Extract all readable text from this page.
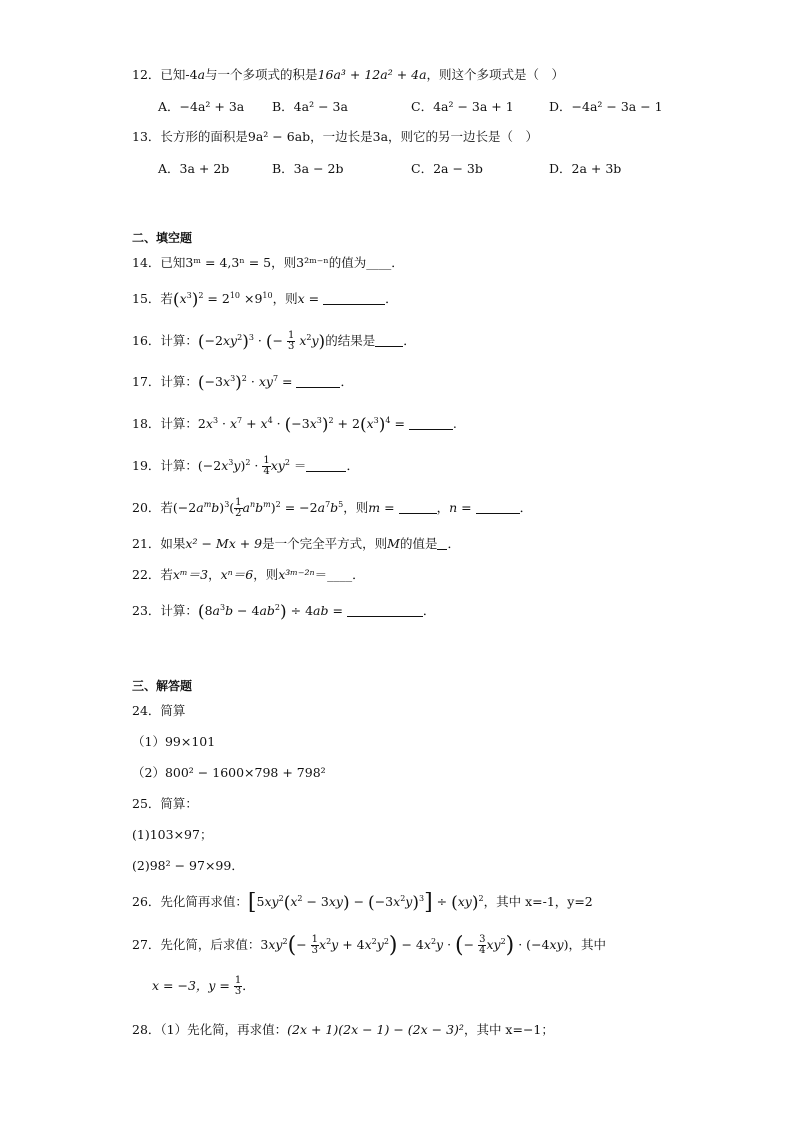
12．已知-4a与一个多项式的积是16a³ + 12a² + 4a，则这个多项式是（　）
A．−4a² + 3a B．4a² − 3a	C．4a² − 3a + 1	D．−4a² − 3a − 1
13．长方形的面积是9a² − 6ab，一边长是3a，则它的另一边长是（　）
A．3a + 2b	B．3a − 2b	C．2a − 3b	D．2a + 3b
二、填空题
14．已知3ᵐ = 4,3ⁿ = 5，则3²ᵐ⁻ⁿ的值为____．
15．若$(x^3)^2 = 2^{10} \times 9^{10}$，则x =	．
16．计算：$(-2xy^2)^3$ · (− $\frac{1}{3} x^2y$)的结果是 ．
17．计算：$(-3x^3)^2 \cdot xy^7$ =	．
18．计算：$2x^3 \cdot x^7 + x^4 \cdot (-3x^3)^2 + 2(x^3)^4$ =	.
19．计算：$(-2x^3y)^2 \cdot \frac{1}{4} xy^2$ ＝	．
20．若$(-2a^mb)^3( \frac{1}{2} a^nb^m)^2 = -2a^7b^5$，则m =	，n =	．
21．如果x² − Mx + 9是一个完全平方式，则M的值是 ．
22．若xᵐ＝3，xⁿ＝6，则x³ᵐ⁻²ⁿ＝____．
23．计算：$(8a^3b - 4ab^2) \div 4ab$ =	．
三、解答题
24．简算
（1）99×101
（2）800² − 1600×798 + 798²
25．简算：
(1)103×97；
(2)98² − 97×99．
26．先化简再求值：$[5xy^2(x^2 - 3xy) - (-3x^2y)^3] \div (xy)^2$，其中 x=-1，y=2
27．先化简，后求值：$3xy^2(- \frac{1}{3} x^2y + 4x^2y^2) - 4x^2y$ · (− $\frac{3}{4} xy^2) \cdot (-4xy)$，其中
x = −3，$y = \frac{1}{3}$ ．
28．（1）先化简，再求值：(2x + 1)(2x − 1) − (2x − 3)²，其中 x=−1；
